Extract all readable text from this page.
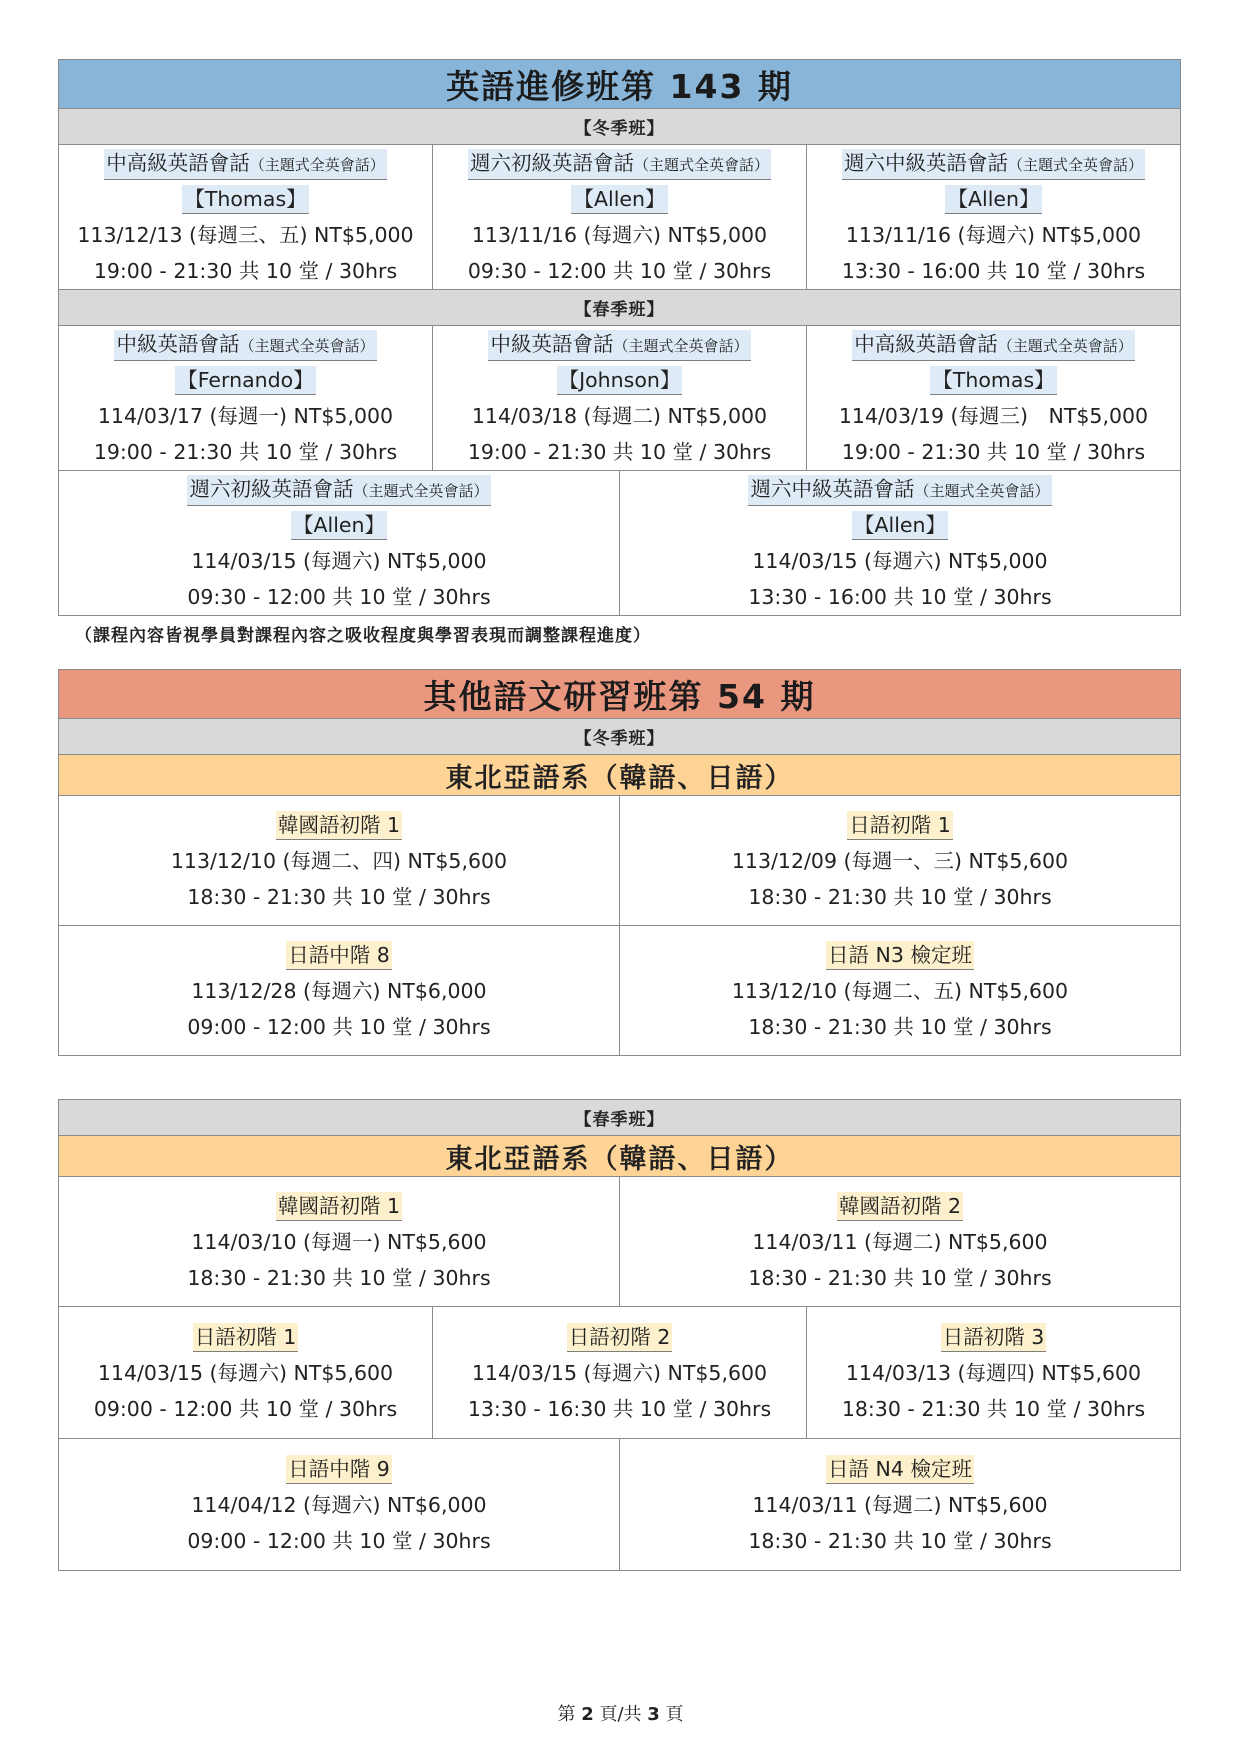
英語進修班第 143 期			
【冬季班】			
中高級英語會話（主題式全英會話）
【Thomas】
113/12/13 (每週三、五) NT$5,000
19:00 - 21:30 共 10 堂 / 30hrs	週六初級英語會話（主題式全英會話）
【Allen】
113/11/16 (每週六) NT$5,000
09:30 - 12:00 共 10 堂 / 30hrs		週六中級英語會話（主題式全英會話）
【Allen】
113/11/16 (每週六) NT$5,000
13:30 - 16:00 共 10 堂 / 30hrs

【春季班】			
中級英語會話（主題式全英會話）
【Fernando】
114/03/17 (每週一) NT$5,000
19:00 - 21:30 共 10 堂 / 30hrs	中級英語會話（主題式全英會話）
【Johnson】
114/03/18 (每週二) NT$5,000
19:00 - 21:30 共 10 堂 / 30hrs		中高級英語會話（主題式全英會話）
【Thomas】
114/03/19 (每週三)　NT$5,000
19:00 - 21:30 共 10 堂 / 30hrs

週六初級英語會話（主題式全英會話）
【Allen】
114/03/15 (每週六) NT$5,000
09:30 - 12:00 共 10 堂 / 30hrs		週六中級英語會話（主題式全英會話）
【Allen】
114/03/15 (每週六) NT$5,000
13:30 - 16:00 共 10 堂 / 30hrs	
（課程內容皆視學員對課程內容之吸收程度與學習表現而調整課程進度）
其他語文研習班第 54 期	
【冬季班】	
東北亞語系（韓語、日語）	
韓國語初階 1
113/12/10 (每週二、四) NT$5,600
18:30 - 21:30 共 10 堂 / 30hrs	日語初階 1
113/12/09 (每週一、三) NT$5,600
18:30 - 21:30 共 10 堂 / 30hrs

日語中階 8
113/12/28 (每週六) NT$6,000
09:00 - 12:00 共 10 堂 / 30hrs	日語 N3 檢定班
113/12/10 (每週二、五) NT$5,600
18:30 - 21:30 共 10 堂 / 30hrs
【春季班】			
東北亞語系（韓語、日語）			
韓國語初階 1
114/03/10 (每週一) NT$5,600
18:30 - 21:30 共 10 堂 / 30hrs		韓國語初階 2
114/03/11 (每週二) NT$5,600
18:30 - 21:30 共 10 堂 / 30hrs	

日語初階 1
114/03/15 (每週六) NT$5,600
09:00 - 12:00 共 10 堂 / 30hrs	日語初階 2
114/03/15 (每週六) NT$5,600
13:30 - 16:30 共 10 堂 / 30hrs		日語初階 3
114/03/13 (每週四) NT$5,600
18:30 - 21:30 共 10 堂 / 30hrs

日語中階 9
114/04/12 (每週六) NT$6,000
09:00 - 12:00 共 10 堂 / 30hrs		日語 N4 檢定班
114/03/11 (每週二) NT$5,600
18:30 - 21:30 共 10 堂 / 30hrs	
第 2 頁/共 3 頁
